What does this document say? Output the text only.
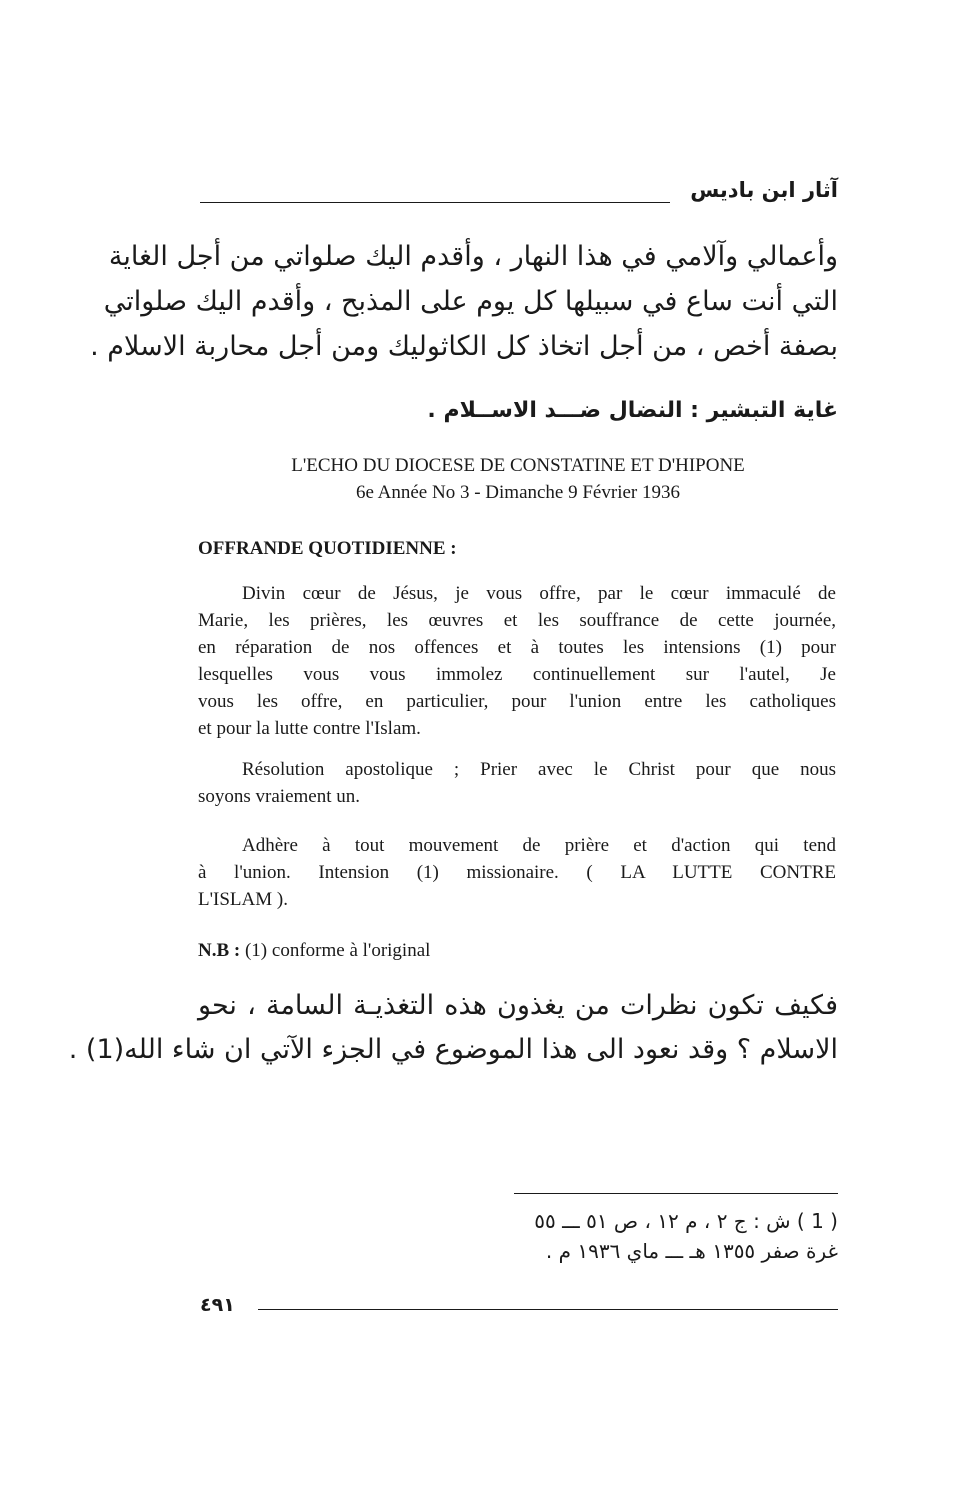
آثار ابن باديس
وأعمالي وآلامي في هذا النهار ، وأقدم اليك صلواتي من أجل الغاية
التي أنت ساع في سبيلها كل يوم على المذبح ، وأقدم اليك صلواتي
بصفة أخص ، من أجل اتخاذ كل الكاثوليك ومن أجل محاربة الاسلام .
غاية التبشير : النضال ضـــد الاســلام .
L'ECHO DU DIOCESE DE CONSTATINE ET D'HIPONE
6e Année No 3 - Dimanche 9 Février 1936
OFFRANDE QUOTIDIENNE :
Divin cœur de Jésus, je vous offre, par le cœur immaculé de
Marie, les prières, les œuvres et les souffrance de cette journée,
en réparation de nos offences et à toutes les intensions (1) pour
lesquelles vous vous immolez continuellement sur l'autel, Je
vous les offre, en particulier, pour l'union entre les catholiques
et pour la lutte contre l'Islam.
Résolution apostolique ; Prier avec le Christ pour que nous
soyons vraiement un.
Adhère à tout mouvement de prière et d'action qui tend
à l'union. Intension (1) missionaire. ( LA LUTTE CONTRE
L'ISLAM ).
N.B : (1) conforme à l'original
فكيف تكون نظرات من يغذون هذه التغذيـة السامة ، نحو
الاسلام ؟ وقد نعود الى هذا الموضوع في الجزء الآتي ان شاء الله(1) .
( 1 ) ش : ج ٢ ، م ١٢ ، ص ٥١ ـــ ٥٥
غرة صفر ١٣٥٥ هـ ـــ ماي ١٩٣٦ م .
٤٩١
